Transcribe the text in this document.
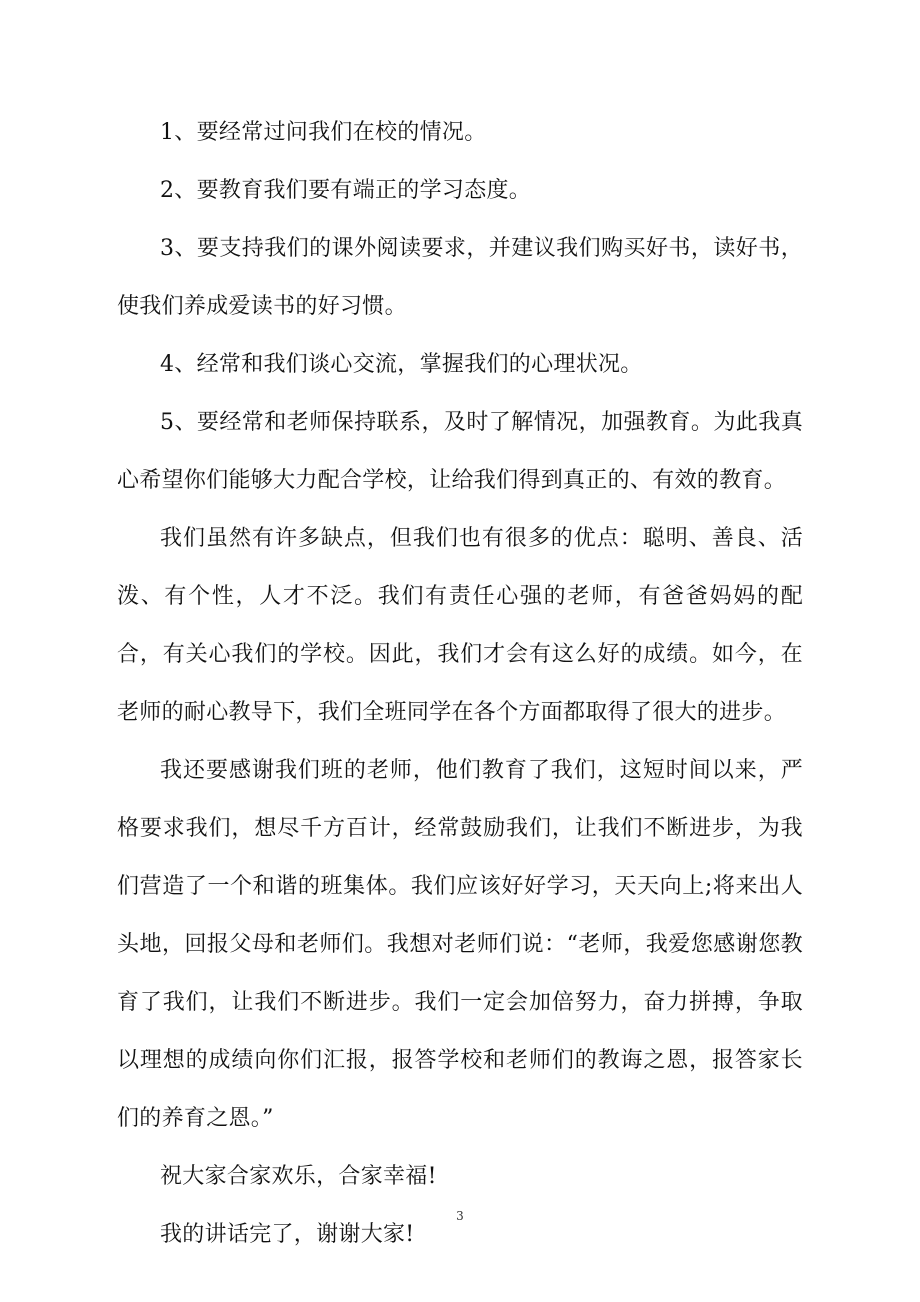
1、要经常过问我们在校的情况。

2、要教育我们要有端正的学习态度。

3、要支持我们的课外阅读要求，并建议我们购买好书，读好书，使我们养成爱读书的好习惯。

4、经常和我们谈心交流，掌握我们的心理状况。

5、要经常和老师保持联系，及时了解情况，加强教育。为此我真心希望你们能够大力配合学校，让给我们得到真正的、有效的教育。

我们虽然有许多缺点，但我们也有很多的优点：聪明、善良、活泼、有个性，人才不泛。我们有责任心强的老师，有爸爸妈妈的配合，有关心我们的学校。因此，我们才会有这么好的成绩。如今，在老师的耐心教导下，我们全班同学在各个方面都取得了很大的进步。

我还要感谢我们班的老师，他们教育了我们，这短时间以来，严格要求我们，想尽千方百计，经常鼓励我们，让我们不断进步，为我们营造了一个和谐的班集体。我们应该好好学习，天天向上;将来出人头地，回报父母和老师们。我想对老师们说：“老师，我爱您感谢您教育了我们，让我们不断进步。我们一定会加倍努力，奋力拼搏，争取以理想的成绩向你们汇报，报答学校和老师们的教诲之恩，报答家长们的养育之恩。”

祝大家合家欢乐，合家幸福!

我的讲话完了，谢谢大家!

3
